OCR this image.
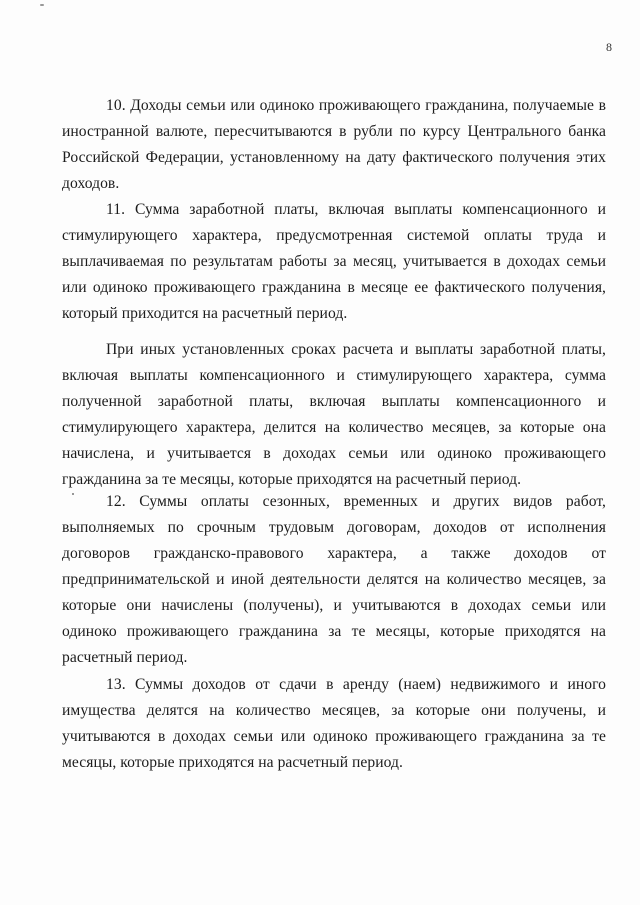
8

10. Доходы семьи или одиноко проживающего гражданина, получаемые в иностранной валюте, пересчитываются в рубли по курсу Центрального банка Российской Федерации, установленному на дату фактического получения этих доходов.

11. Сумма заработной платы, включая выплаты компенсационного и стимулирующего характера, предусмотренная системой оплаты труда и выплачиваемая по результатам работы за месяц, учитывается в доходах семьи или одиноко проживающего гражданина в месяце ее фактического получения, который приходится на расчетный период.

При иных установленных сроках расчета и выплаты заработной платы, включая выплаты компенсационного и стимулирующего характера, сумма полученной заработной платы, включая выплаты компенсационного и стимулирующего характера, делится на количество месяцев, за которые она начислена, и учитывается в доходах семьи или одиноко проживающего гражданина за те месяцы, которые приходятся на расчетный период.

12. Суммы оплаты сезонных, временных и других видов работ, выполняемых по срочным трудовым договорам, доходов от исполнения договоров гражданско-правового характера, а также доходов от предпринимательской и иной деятельности делятся на количество месяцев, за которые они начислены (получены), и учитываются в доходах семьи или одиноко проживающего гражданина за те месяцы, которые приходятся на расчетный период.

13. Суммы доходов от сдачи в аренду (наем) недвижимого и иного имущества делятся на количество месяцев, за которые они получены, и учитываются в доходах семьи или одиноко проживающего гражданина за те месяцы, которые приходятся на расчетный период.
